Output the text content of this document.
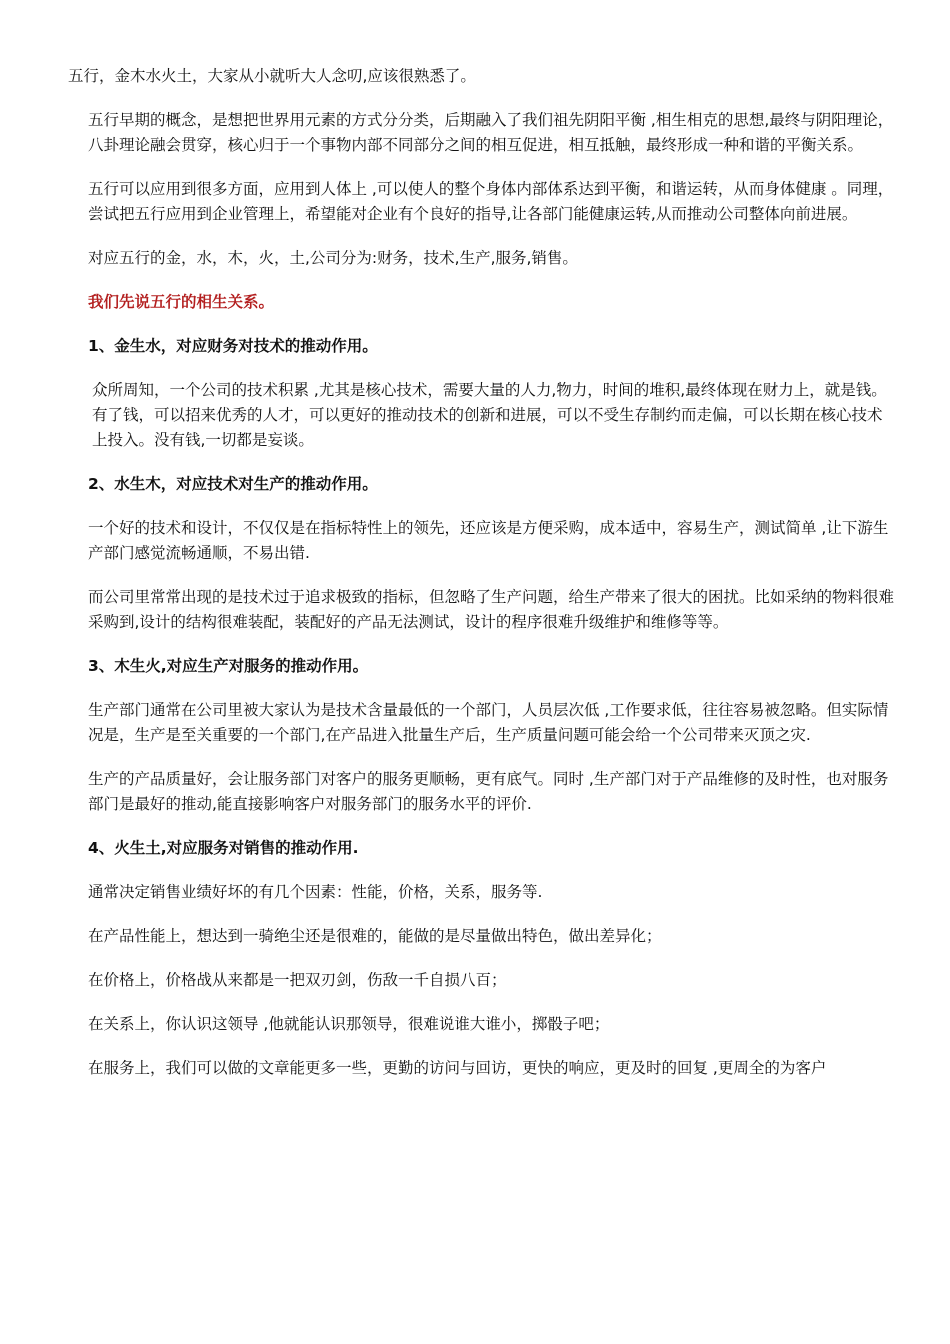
五行，金木水火土，大家从小就听大人念叨,应该很熟悉了。

五行早期的概念，是想把世界用元素的方式分分类，后期融入了我们祖先阴阳平衡 ,相生相克的思想,最终与阴阳理论，八卦理论融会贯穿，核心归于一个事物内部不同部分之间的相互促进，相互抵触，最终形成一种和谐的平衡关系。

五行可以应用到很多方面，应用到人体上 ,可以使人的整个身体内部体系达到平衡，和谐运转，从而身体健康 。同理，尝试把五行应用到企业管理上，希望能对企业有个良好的指导,让各部门能健康运转,从而推动公司整体向前进展。

对应五行的金，水，木，火，土,公司分为:财务，技术,生产,服务,销售。

我们先说五行的相生关系。

1、金生水，对应财务对技术的推动作用。

众所周知，一个公司的技术积累 ,尤其是核心技术，需要大量的人力,物力，时间的堆积,最终体现在财力上，就是钱。有了钱，可以招来优秀的人才，可以更好的推动技术的创新和进展，可以不受生存制约而走偏，可以长期在核心技术上投入。没有钱,一切都是妄谈。

2、水生木，对应技术对生产的推动作用。

一个好的技术和设计，不仅仅是在指标特性上的领先，还应该是方便采购，成本适中，容易生产，测试简单 ,让下游生产部门感觉流畅通顺，不易出错.

而公司里常常出现的是技术过于追求极致的指标，但忽略了生产问题，给生产带来了很大的困扰。比如采纳的物料很难采购到,设计的结构很难装配，装配好的产品无法测试，设计的程序很难升级维护和维修等等。

3、木生火,对应生产对服务的推动作用。

生产部门通常在公司里被大家认为是技术含量最低的一个部门，人员层次低 ,工作要求低，往往容易被忽略。但实际情况是，生产是至关重要的一个部门,在产品进入批量生产后，生产质量问题可能会给一个公司带来灭顶之灾.

生产的产品质量好，会让服务部门对客户的服务更顺畅，更有底气。同时 ,生产部门对于产品维修的及时性，也对服务部门是最好的推动,能直接影响客户对服务部门的服务水平的评价.

4、火生土,对应服务对销售的推动作用.

通常决定销售业绩好坏的有几个因素：性能，价格，关系，服务等.

在产品性能上，想达到一骑绝尘还是很难的，能做的是尽量做出特色，做出差异化；

在价格上，价格战从来都是一把双刃剑，伤敌一千自损八百；

在关系上，你认识这领导 ,他就能认识那领导，很难说谁大谁小，掷骰子吧；

在服务上，我们可以做的文章能更多一些，更勤的访问与回访，更快的响应，更及时的回复 ,更周全的为客户
